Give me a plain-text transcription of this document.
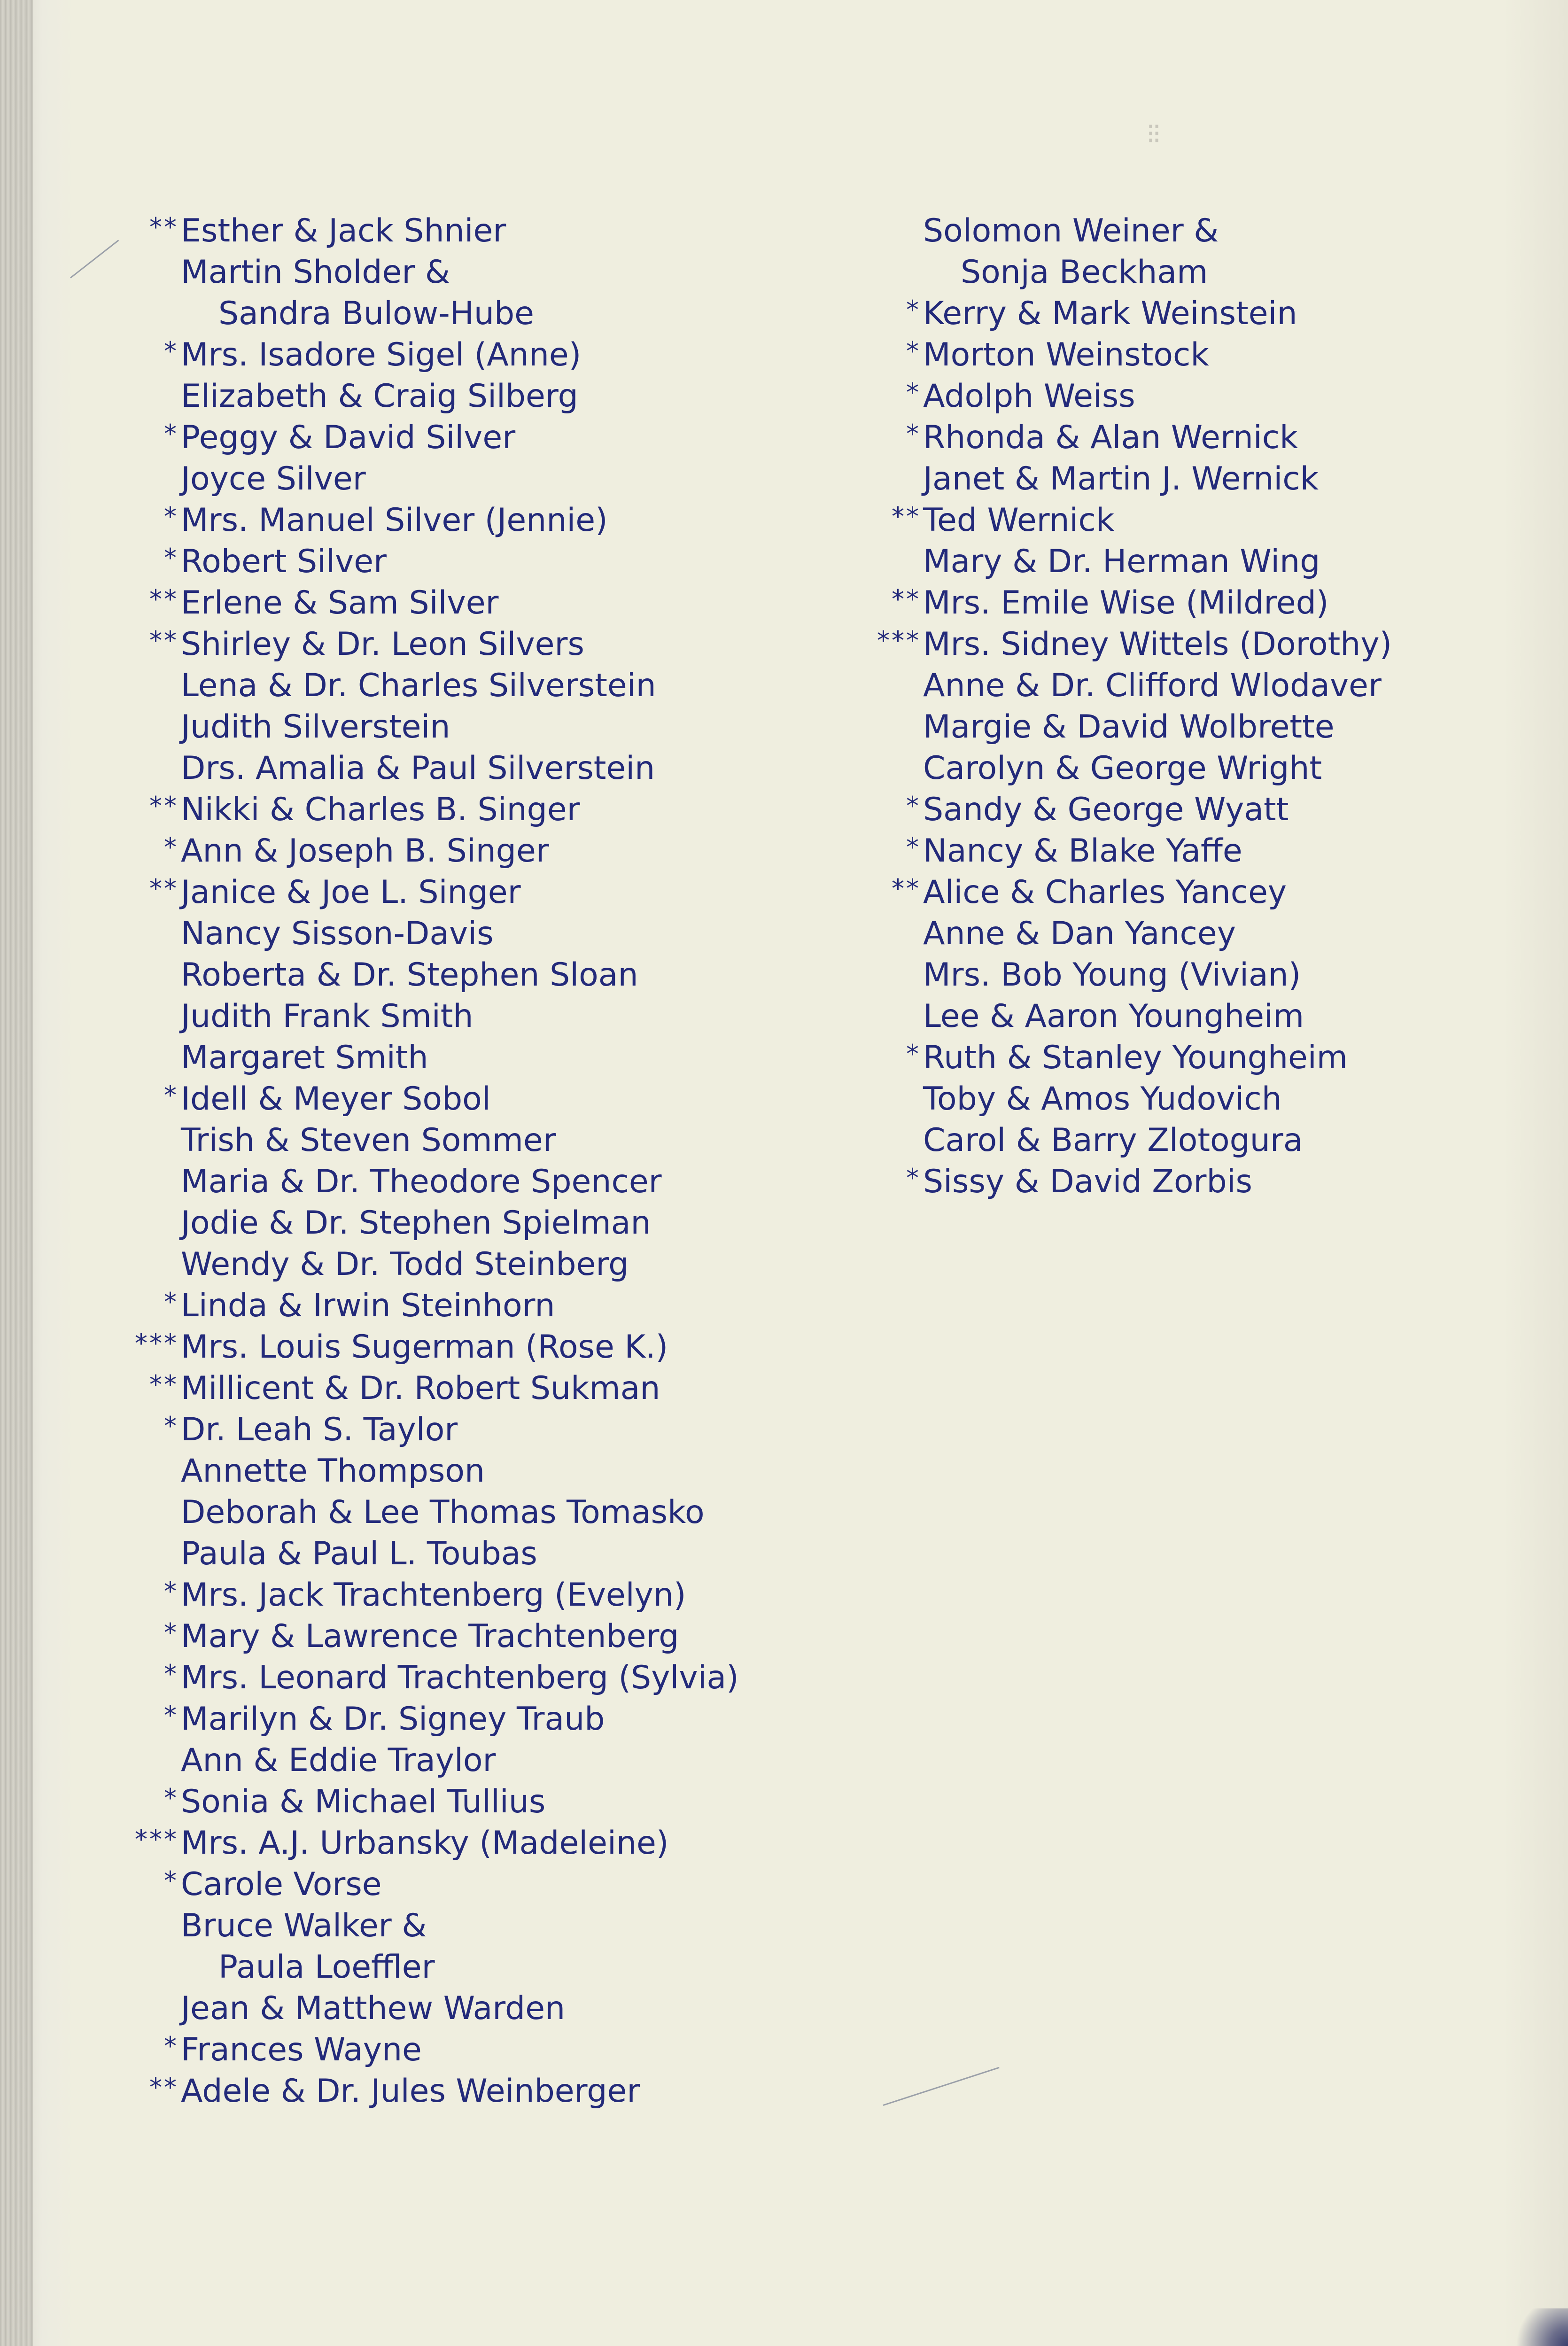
⁝⁝
** Esther & Jack Shnier
Martin Sholder &
Sandra Bulow-Hube
* Mrs. Isadore Sigel (Anne)
Elizabeth & Craig Silberg
* Peggy & David Silver
Joyce Silver
* Mrs. Manuel Silver (Jennie)
* Robert Silver
** Erlene & Sam Silver
** Shirley & Dr. Leon Silvers
Lena & Dr. Charles Silverstein
Judith Silverstein
Drs. Amalia & Paul Silverstein
** Nikki & Charles B. Singer
* Ann & Joseph B. Singer
** Janice & Joe L. Singer
Nancy Sisson-Davis
Roberta & Dr. Stephen Sloan
Judith Frank Smith
Margaret Smith
* Idell & Meyer Sobol
Trish & Steven Sommer
Maria & Dr. Theodore Spencer
Jodie & Dr. Stephen Spielman
Wendy & Dr. Todd Steinberg
* Linda & Irwin Steinhorn
*** Mrs. Louis Sugerman (Rose K.)
** Millicent & Dr. Robert Sukman
* Dr. Leah S. Taylor
Annette Thompson
Deborah & Lee Thomas Tomasko
Paula & Paul L. Toubas
* Mrs. Jack Trachtenberg (Evelyn)
* Mary & Lawrence Trachtenberg
* Mrs. Leonard Trachtenberg (Sylvia)
* Marilyn & Dr. Signey Traub
Ann & Eddie Traylor
* Sonia & Michael Tullius
*** Mrs. A.J. Urbansky (Madeleine)
* Carole Vorse
Bruce Walker &
Paula Loeffler
Jean & Matthew Warden
* Frances Wayne
** Adele & Dr. Jules Weinberger
Solomon Weiner &
Sonja Beckham
* Kerry & Mark Weinstein
* Morton Weinstock
* Adolph Weiss
* Rhonda & Alan Wernick
Janet & Martin J. Wernick
** Ted Wernick
Mary & Dr. Herman Wing
** Mrs. Emile Wise (Mildred)
*** Mrs. Sidney Wittels (Dorothy)
Anne & Dr. Clifford Wlodaver
Margie & David Wolbrette
Carolyn & George Wright
* Sandy & George Wyatt
* Nancy & Blake Yaffe
** Alice & Charles Yancey
Anne & Dan Yancey
Mrs. Bob Young (Vivian)
Lee & Aaron Youngheim
* Ruth & Stanley Youngheim
Toby & Amos Yudovich
Carol & Barry Zlotogura
* Sissy & David Zorbis
